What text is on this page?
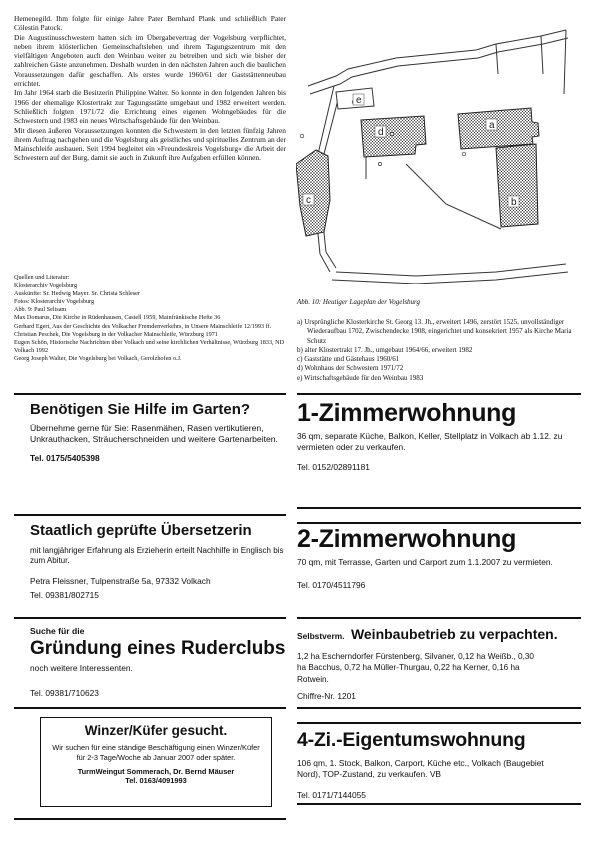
Hemenegild. Ihm folgte für einige Jahre Pater Bernhard Plank und schließlich Pater Cölestin Patock.

Die Augustinusschwestern hatten sich im Übergabevertrag der Vogelsburg verpflichtet, neben ihrem klösterlichen Gemeinschaftsleben und ihrem Tagungszentrum mit den vielfältigen Angeboten auch den Weinbau weiter zu betreiben und sich wie bisher der zahlreichen Gäste anzunehmen. Deshalb wurden in den nächsten Jahren auch die baulichen Voraussetzungen dafür geschaffen. Als erstes wurde 1960/61 der Gaststättenneubau errichtet.

Im Jahr 1964 starb die Besitzerin Philippine Walter. So konnte in den folgenden Jahren bis 1966 der ehemalige Klostertrakt zur Tagungsstätte umgebaut und 1982 erweitert werden. Schließlich folgten 1971/72 die Errichtung eines eigenen Wohngebäudes für die Schwestern und 1983 ein neues Wirtschaftsgebäude für den Weinbau.

Mit diesen äußeren Voraussetzungen konnten die Schwestern in den letzten fünfzig Jahren ihrem Auftrag nachgehen und die Vogelsburg als geistliches und spirituelles Zentrum an der Mainschleife ausbauen. Seit 1994 begleitet ein »Freundeskreis Vogelsburg« die Arbeit der Schwestern auf der Burg, damit sie auch in Zukunft ihre Aufgaben erfüllen können.

Quellen und Literatur:
Klosterarchiv Vogelsburg
Auskünfte: Sr. Hedwig Mayer. Sr. Christa Schleser
Fotos: Klosterarchiv Vogelsburg
Abb. 9: Paul Selisam
Max Domarus, Die Kirche in Rüdenhausen, Castell 1959, Mainfränkische Hefte 36
Gerhard Egert, Aus der Geschichte des Volkacher Fremdenverkehrs, in Unsere Mainschleife 12/1993 ff.
Christian Peschek, Die Vogelsburg in der Volkacher Mainschleife, Würzburg 1971
Eugen Schön, Historische Nachrichten über Volkach und seine kirchlichen Verhältnisse, Würzburg 1833, ND Volkach 1992
Georg Joseph Walter, Die Vogelsburg bei Volkach, Gerolzhofen o.J.
e
d
a
b
c
Abb. 10: Heutiger Lageplan der Vogelsburg
a) Ursprüngliche Klosterkirche St. Georg 13. Jh., erweitert 1496, zerstört 1525, unvollständiger Wiederaufbau 1702, Zwischendecke 1908, eingerichtet und konsekriert 1957 als Kirche Maria Schutz
b) alter Klostertrakt 17. Jh., umgebaut 1964/66, erweitert 1982
c) Gaststätte und Gästehaus 1960/61
d) Wohnhaus der Schwestern 1971/72
e) Wirtschaftsgebäude für den Weinbau 1983
Benötigen Sie Hilfe im Garten?
Übernehme gerne für Sie: Rasenmähen, Rasen vertikutieren, Unkrauthacken, Sträucherschneiden und weitere Gartenarbeiten.
Tel. 0175/5405398
Staatlich geprüfte Übersetzerin
mit langjähriger Erfahrung als Erzieherin erteilt Nachhilfe in Englisch bis zum Abitur.
Petra Fleissner, Tulpenstraße 5a, 97332 Volkach
Tel. 09381/802715
Suche für die
Gründung eines Ruderclubs
noch weitere Interessenten.
Tel. 09381/710623
Winzer/Küfer gesucht.
Wir suchen für eine ständige Beschäftigung einen Winzer/Küfer für 2-3 Tage/Woche ab Januar 2007 oder später.
TurmWeingut Sommerach, Dr. Bernd Mäuser
Tel. 0163/4091993
1-Zimmerwohnung
36 qm, separate Küche, Balkon, Keller, Stellplatz in Volkach ab 1.12. zu vermieten oder zu verkaufen.
Tel. 0152/02891181
2-Zimmerwohnung
70 qm, mit Terrasse, Garten und Carport zum 1.1.2007 zu vermieten.
Tel. 0170/4511796
Selbstverm. Weinbaubetrieb zu verpachten.
1,2 ha Escherndorfer Fürstenberg, Silvaner, 0,12 ha Weißb., 0,30 ha Bacchus, 0,72 ha Müller-Thurgau, 0,22 ha Kerner, 0,16 ha Rotwein.
Chiffre-Nr. 1201
4-Zi.-Eigentumswohnung
106 qm, 1. Stock, Balkon, Carport, Küche etc., Volkach (Baugebiet Nord), TOP-Zustand, zu verkaufen. VB
Tel. 0171/7144055
